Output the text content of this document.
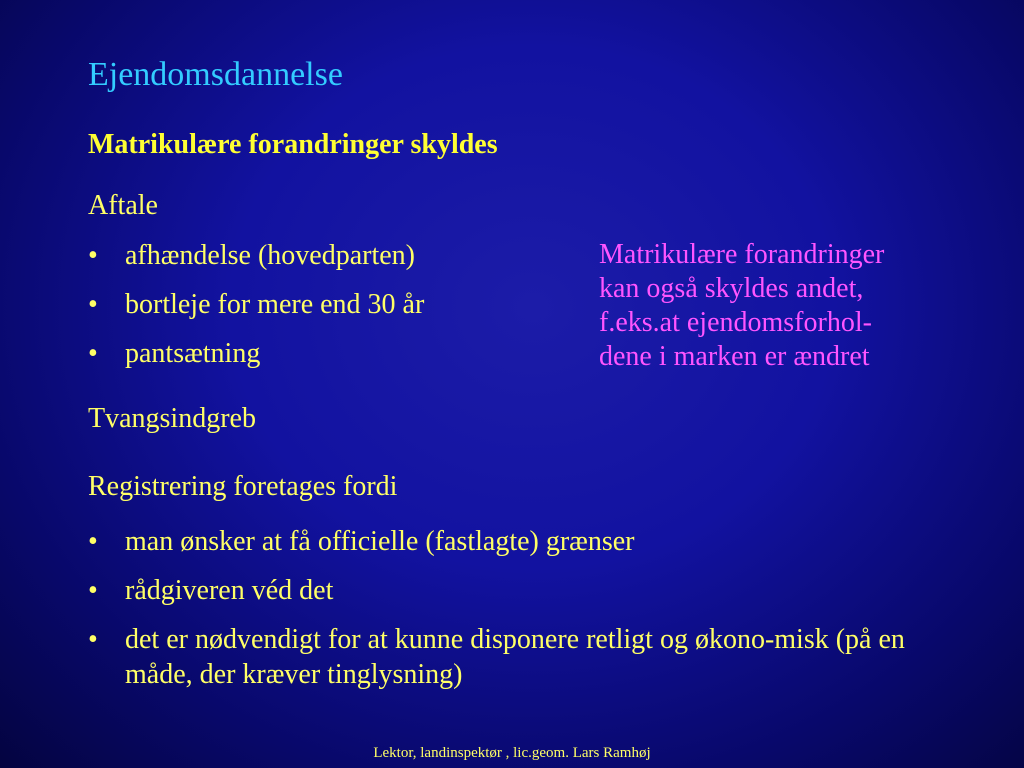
Ejendomsdannelse
Matrikulære forandringer skyldes
Aftale
• afhændelse (hovedparten)
• bortleje for mere end 30 år
• pantsætning
Matrikulære forandringer
kan også skyldes andet,
f.eks.at ejendomsforhol-
dene i marken er ændret
Tvangsindgreb
Registrering foretages fordi
• man ønsker at få officielle (fastlagte) grænser
• rådgiveren véd det
• det er nødvendigt for at kunne disponere retligt og økono-misk (på en måde, der kræver tinglysning)
Lektor, landinspektør , lic.geom. Lars Ramhøj
